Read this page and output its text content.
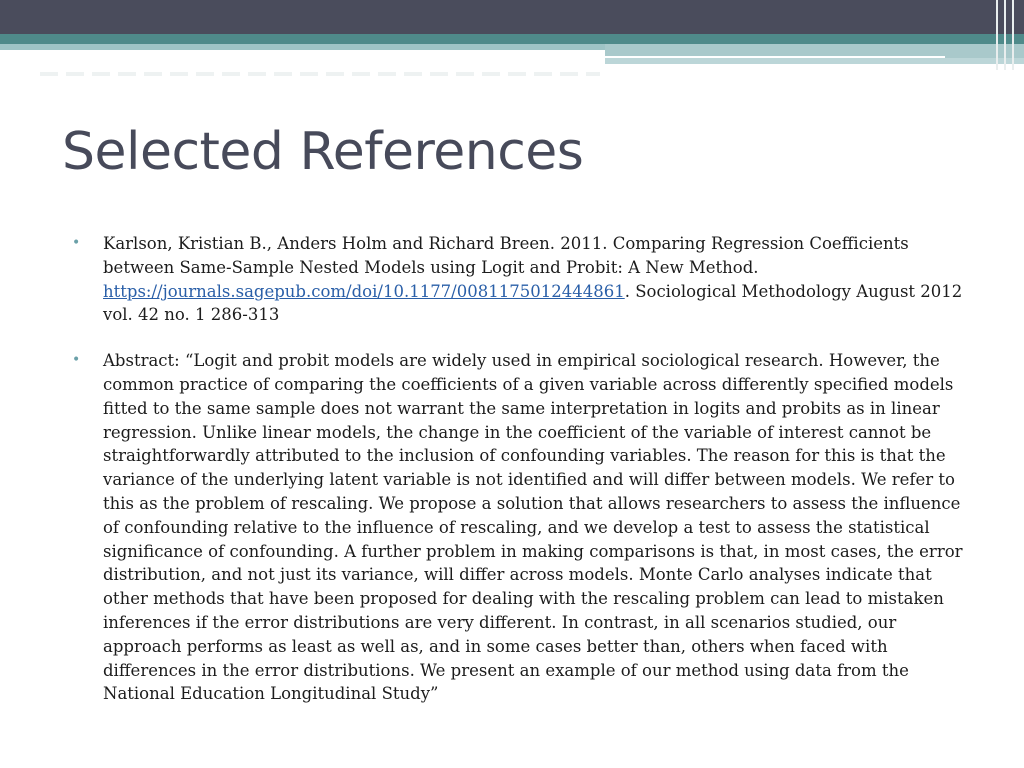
Selected References
• Karlson, Kristian B., Anders Holm and Richard Breen. 2011. Comparing Regression Coefficients between Same-Sample Nested Models using Logit and Probit: A New Method. https://journals.sagepub.com/doi/10.1177/0081175012444861. Sociological Methodology August 2012 vol. 42 no. 1 286-313
• Abstract: “Logit and probit models are widely used in empirical sociological research. However, the common practice of comparing the coefficients of a given variable across differently specified models fitted to the same sample does not warrant the same interpretation in logits and probits as in linear regression. Unlike linear models, the change in the coefficient of the variable of interest cannot be straightforwardly attributed to the inclusion of confounding variables. The reason for this is that the variance of the underlying latent variable is not identified and will differ between models. We refer to this as the problem of rescaling. We propose a solution that allows researchers to assess the influence of confounding relative to the influence of rescaling, and we develop a test to assess the statistical significance of confounding. A further problem in making comparisons is that, in most cases, the error distribution, and not just its variance, will differ across models. Monte Carlo analyses indicate that other methods that have been proposed for dealing with the rescaling problem can lead to mistaken inferences if the error distributions are very different. In contrast, in all scenarios studied, our approach performs as least as well as, and in some cases better than, others when faced with differences in the error distributions. We present an example of our method using data from the National Education Longitudinal Study”
